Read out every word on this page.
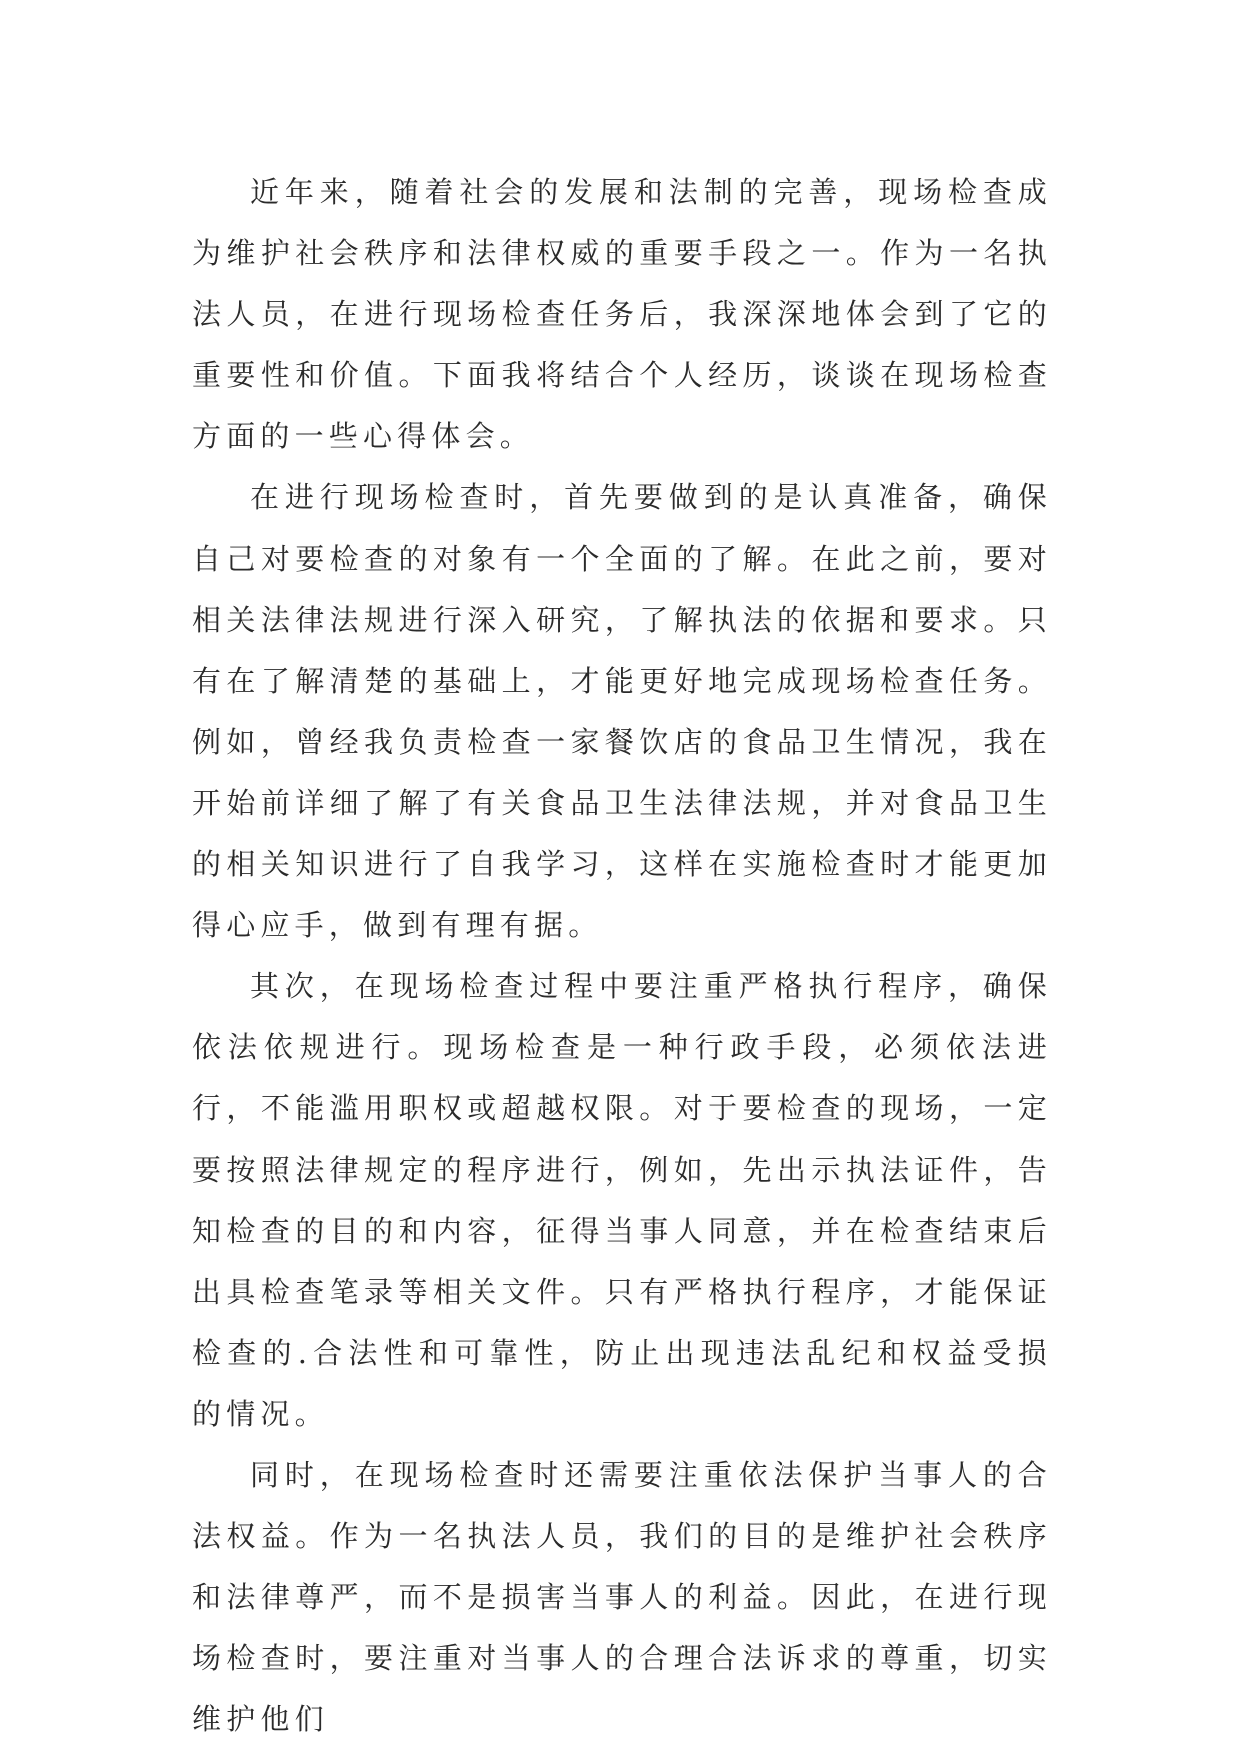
近年来，随着社会的发展和法制的完善，现场检查成为维护社会秩序和法律权威的重要手段之一。作为一名执法人员，在进行现场检查任务后，我深深地体会到了它的重要性和价值。下面我将结合个人经历，谈谈在现场检查方面的一些心得体会。

在进行现场检查时，首先要做到的是认真准备，确保自己对要检查的对象有一个全面的了解。在此之前，要对相关法律法规进行深入研究，了解执法的依据和要求。只有在了解清楚的基础上，才能更好地完成现场检查任务。例如，曾经我负责检查一家餐饮店的食品卫生情况，我在开始前详细了解了有关食品卫生法律法规，并对食品卫生的相关知识进行了自我学习，这样在实施检查时才能更加得心应手，做到有理有据。

其次，在现场检查过程中要注重严格执行程序，确保依法依规进行。现场检查是一种行政手段，必须依法进行，不能滥用职权或超越权限。对于要检查的现场，一定要按照法律规定的程序进行，例如，先出示执法证件，告知检查的目的和内容，征得当事人同意，并在检查结束后出具检查笔录等相关文件。只有严格执行程序，才能保证检查的.合法性和可靠性，防止出现违法乱纪和权益受损的情况。

同时，在现场检查时还需要注重依法保护当事人的合法权益。作为一名执法人员，我们的目的是维护社会秩序和法律尊严，而不是损害当事人的利益。因此，在进行现场检查时，要注重对当事人的合理合法诉求的尊重，切实维护他们
